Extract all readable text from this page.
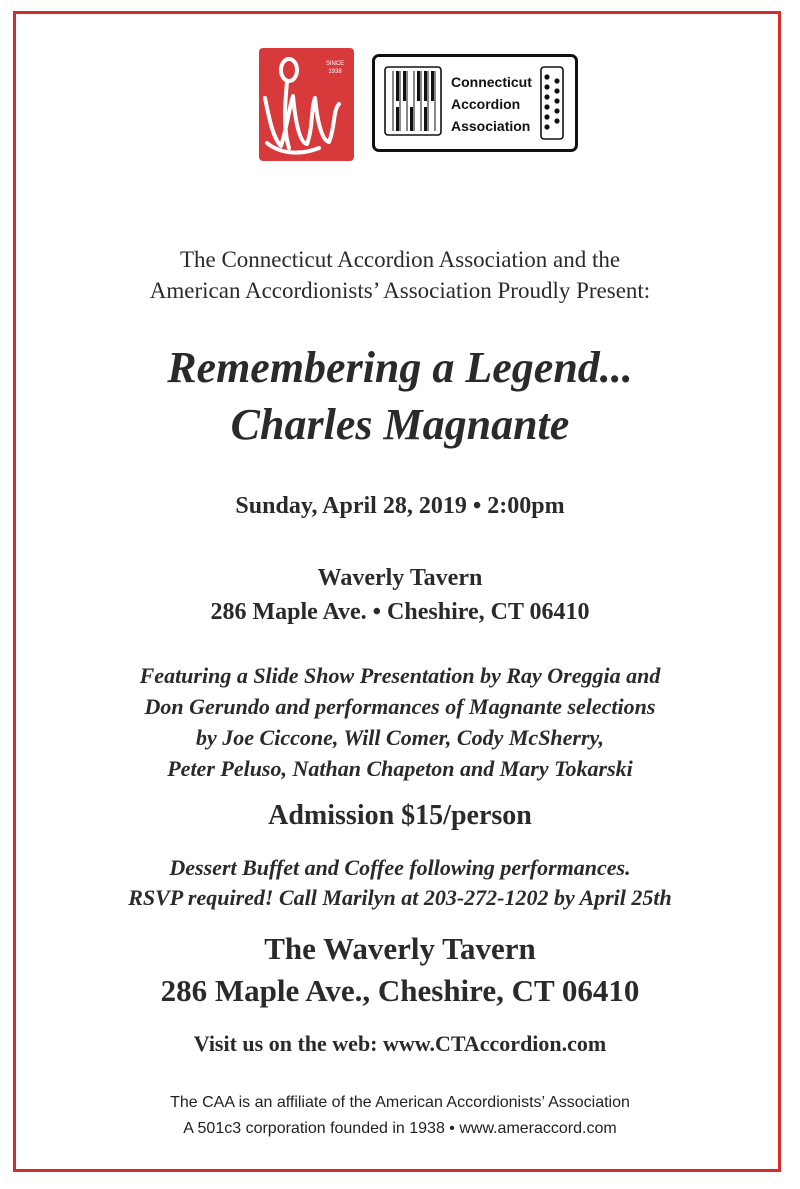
SINCE 1938
Connecticut
Accordion
Association

The Connecticut Accordion Association and the

American Accordionists’ Association Proudly Present:

Remembering a Legend...

Charles Magnante

Sunday, April 28, 2019 • 2:00pm

Waverly Tavern

286 Maple Ave. • Cheshire, CT 06410

Featuring a Slide Show Presentation by Ray Oreggia and

Don Gerundo and performances of Magnante selections

by Joe Ciccone, Will Comer, Cody McSherry,

Peter Peluso, Nathan Chapeton and Mary Tokarski

Admission $15/person

Dessert Buffet and Coffee following performances.

RSVP required! Call Marilyn at 203-272-1202 by April 25th

The Waverly Tavern

286 Maple Ave., Cheshire, CT 06410

Visit us on the web: www.CTAccordion.com

The CAA is an affiliate of the American Accordionists’ Association

A 501c3 corporation founded in 1938 • www.ameraccord.com
